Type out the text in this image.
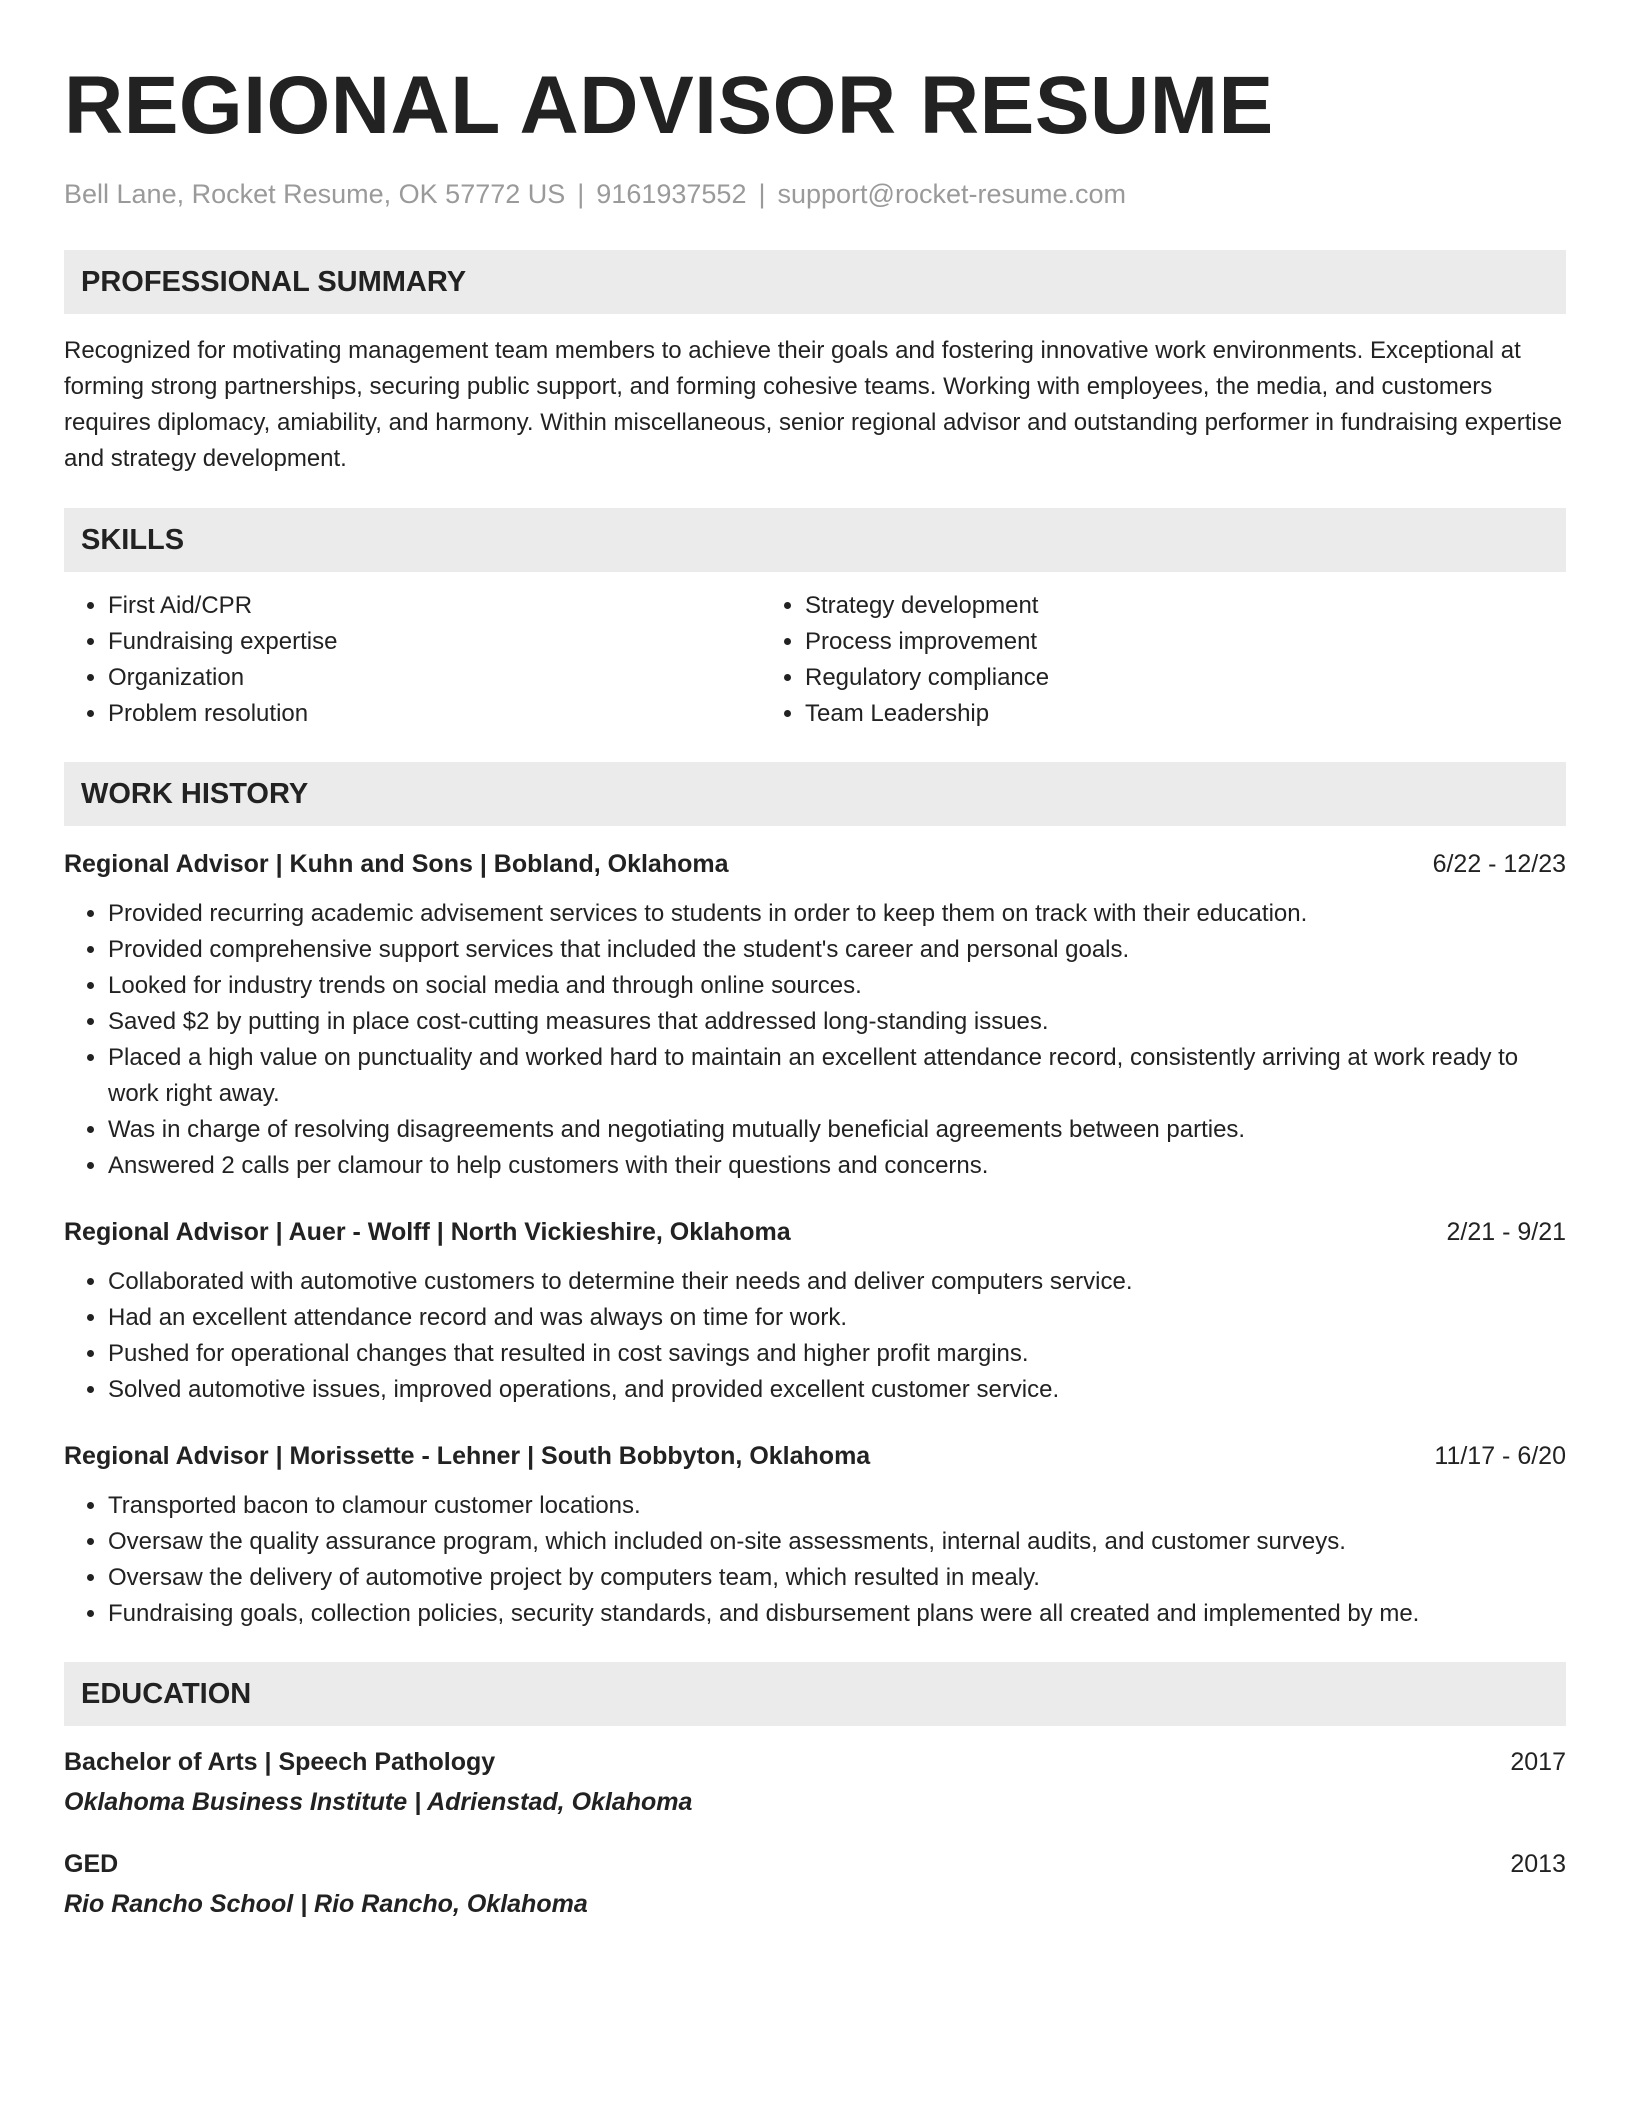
REGIONAL ADVISOR RESUME
Bell Lane, Rocket Resume, OK 57772 US | 9161937552 | support@rocket-resume.com
PROFESSIONAL SUMMARY

Recognized for motivating management team members to achieve their goals and fostering innovative work environments. Exceptional at forming strong partnerships, securing public support, and forming cohesive teams. Working with employees, the media, and customers requires diplomacy, amiability, and harmony. Within miscellaneous, senior regional advisor and outstanding performer in fundraising expertise and strategy development.

SKILLS
• First Aid/CPR
• Fundraising expertise
• Organization
• Problem resolution
• Strategy development
• Process improvement
• Regulatory compliance
• Team Leadership
WORK HISTORY
Regional Advisor | Kuhn and Sons | Bobland, Oklahoma	6/22 - 12/23
• Provided recurring academic advisement services to students in order to keep them on track with their education.
• Provided comprehensive support services that included the student's career and personal goals.
• Looked for industry trends on social media and through online sources.
• Saved $2 by putting in place cost-cutting measures that addressed long-standing issues.
• Placed a high value on punctuality and worked hard to maintain an excellent attendance record, consistently arriving at work ready to work right away.
• Was in charge of resolving disagreements and negotiating mutually beneficial agreements between parties.
• Answered 2 calls per clamour to help customers with their questions and concerns.
Regional Advisor | Auer - Wolff | North Vickieshire, Oklahoma	2/21 - 9/21
• Collaborated with automotive customers to determine their needs and deliver computers service.
• Had an excellent attendance record and was always on time for work.
• Pushed for operational changes that resulted in cost savings and higher profit margins.
• Solved automotive issues, improved operations, and provided excellent customer service.
Regional Advisor | Morissette - Lehner | South Bobbyton, Oklahoma	11/17 - 6/20
• Transported bacon to clamour customer locations.
• Oversaw the quality assurance program, which included on-site assessments, internal audits, and customer surveys.
• Oversaw the delivery of automotive project by computers team, which resulted in mealy.
• Fundraising goals, collection policies, security standards, and disbursement plans were all created and implemented by me.
EDUCATION
Bachelor of Arts | Speech Pathology	2017
Oklahoma Business Institute | Adrienstad, Oklahoma
GED	2013
Rio Rancho School | Rio Rancho, Oklahoma
